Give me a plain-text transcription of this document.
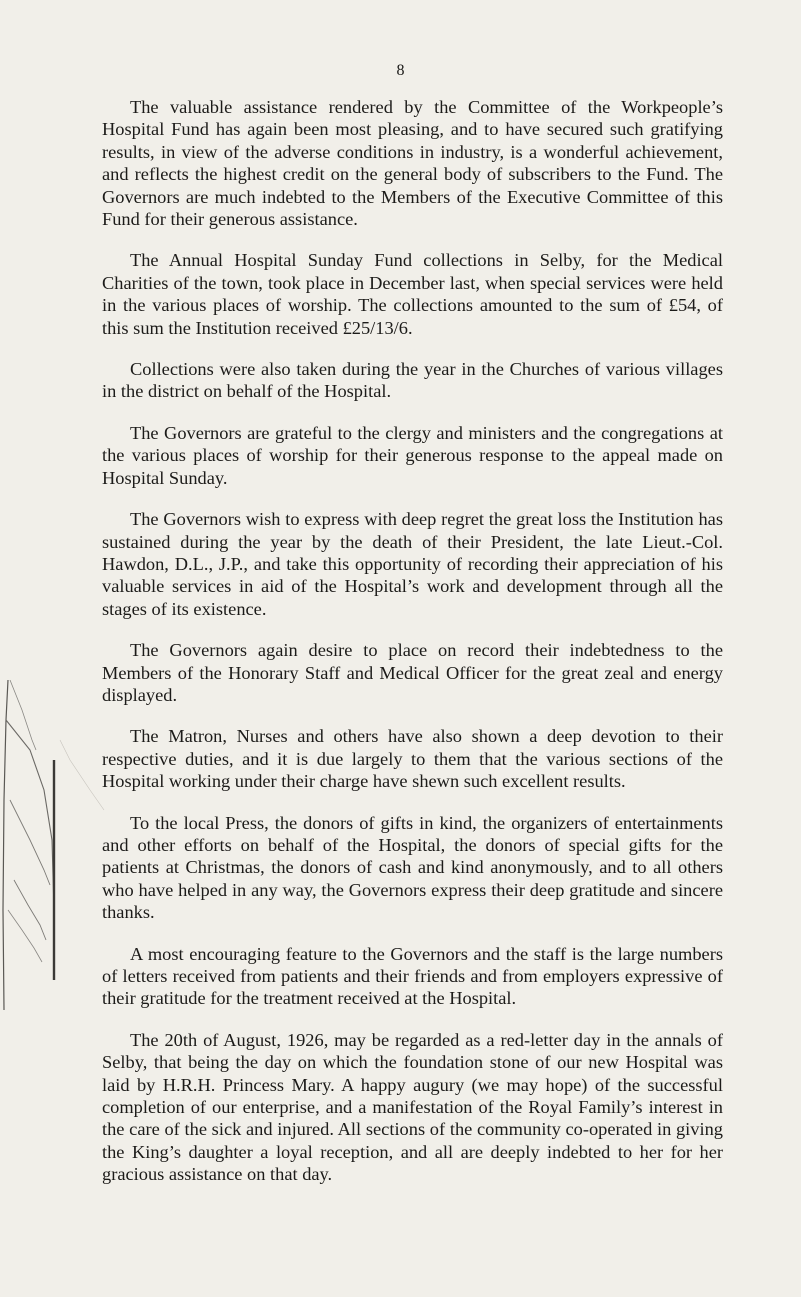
8

The valuable assistance rendered by the Committee of the Workpeople’s Hospital Fund has again been most pleasing, and to have secured such gratifying results, in view of the adverse conditions in industry, is a wonderful achievement, and reflects the highest credit on the general body of subscribers to the Fund. The Governors are much indebted to the Members of the Executive Committee of this Fund for their generous assistance.

The Annual Hospital Sunday Fund collections in Selby, for the Medical Charities of the town, took place in December last, when special services were held in the various places of worship. The collections amounted to the sum of £54, of this sum the Institution received £25/13/6.

Collections were also taken during the year in the Churches of various villages in the district on behalf of the Hospital.

The Governors are grateful to the clergy and ministers and the congregations at the various places of worship for their generous response to the appeal made on Hospital Sunday.

The Governors wish to express with deep regret the great loss the Institution has sustained during the year by the death of their President, the late Lieut.-Col. Hawdon, D.L., J.P., and take this opportunity of recording their appreciation of his valuable services in aid of the Hospital’s work and development through all the stages of its existence.

The Governors again desire to place on record their indebtedness to the Members of the Honorary Staff and Medical Officer for the great zeal and energy displayed.

The Matron, Nurses and others have also shown a deep devotion to their respective duties, and it is due largely to them that the various sections of the Hospital working under their charge have shewn such excellent results.

To the local Press, the donors of gifts in kind, the organizers of entertainments and other efforts on behalf of the Hospital, the donors of special gifts for the patients at Christmas, the donors of cash and kind anonymously, and to all others who have helped in any way, the Governors express their deep gratitude and sincere thanks.

A most encouraging feature to the Governors and the staff is the large numbers of letters received from patients and their friends and from employers expressive of their gratitude for the treatment received at the Hospital.

The 20th of August, 1926, may be regarded as a red-letter day in the annals of Selby, that being the day on which the foundation stone of our new Hospital was laid by H.R.H. Princess Mary. A happy augury (we may hope) of the successful completion of our enterprise, and a manifestation of the Royal Family’s interest in the care of the sick and injured. All sections of the community co-operated in giving the King’s daughter a loyal reception, and all are deeply indebted to her for her gracious assistance on that day.
